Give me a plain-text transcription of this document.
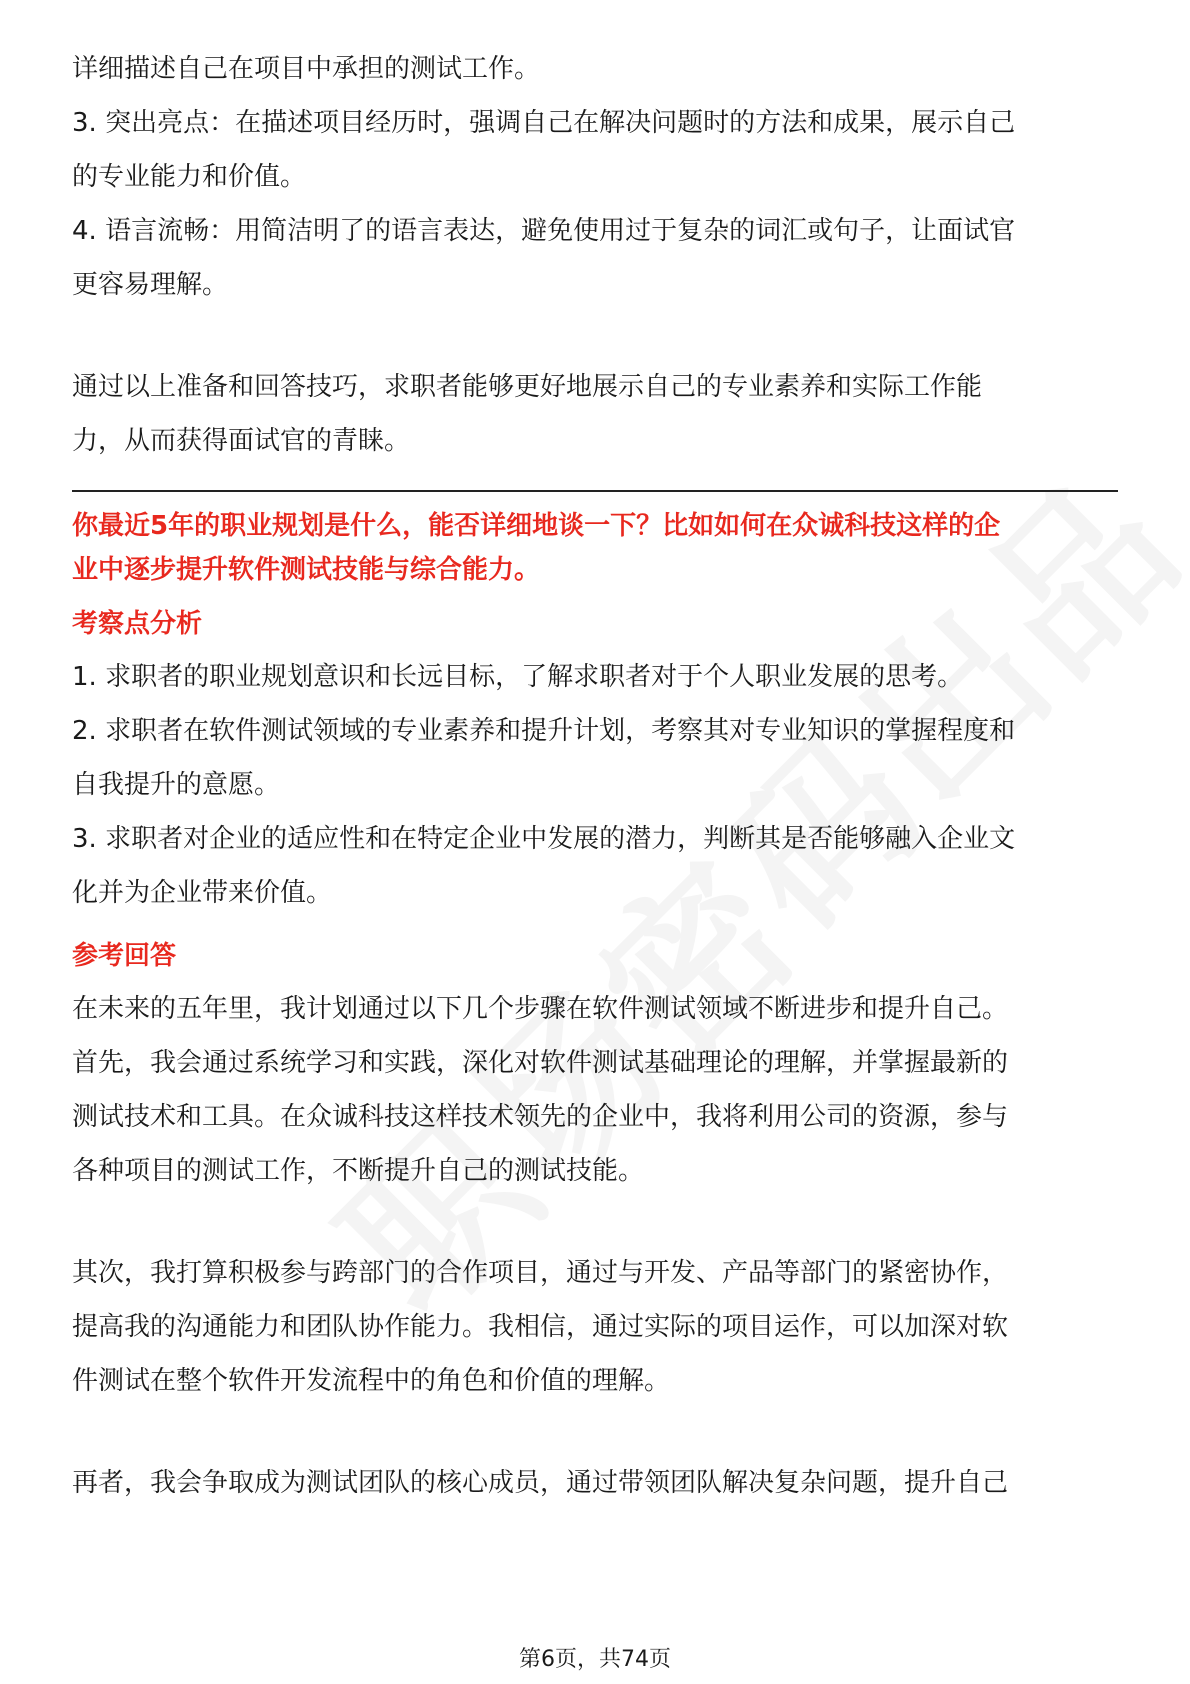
详细描述自己在项目中承担的测试工作。

3. 突出亮点：在描述项目经历时，强调自己在解决问题时的方法和成果，展示自己

的专业能力和价值。

4. 语言流畅：用简洁明了的语言表达，避免使用过于复杂的词汇或句子，让面试官

更容易理解。

通过以上准备和回答技巧，求职者能够更好地展示自己的专业素养和实际工作能

力，从而获得面试官的青睐。

你最近5年的职业规划是什么，能否详细地谈一下？比如如何在众诚科技这样的企

业中逐步提升软件测试技能与综合能力。

考察点分析

1. 求职者的职业规划意识和长远目标，了解求职者对于个人职业发展的思考。

2. 求职者在软件测试领域的专业素养和提升计划，考察其对专业知识的掌握程度和

自我提升的意愿。

3. 求职者对企业的适应性和在特定企业中发展的潜力，判断其是否能够融入企业文

化并为企业带来价值。

参考回答

在未来的五年里，我计划通过以下几个步骤在软件测试领域不断进步和提升自己。

首先，我会通过系统学习和实践，深化对软件测试基础理论的理解，并掌握最新的

测试技术和工具。在众诚科技这样技术领先的企业中，我将利用公司的资源，参与

各种项目的测试工作，不断提升自己的测试技能。

其次，我打算积极参与跨部门的合作项目，通过与开发、产品等部门的紧密协作，

提高我的沟通能力和团队协作能力。我相信，通过实际的项目运作，可以加深对软

件测试在整个软件开发流程中的角色和价值的理解。

再者，我会争取成为测试团队的核心成员，通过带领团队解决复杂问题，提升自己

第6页，共74页
